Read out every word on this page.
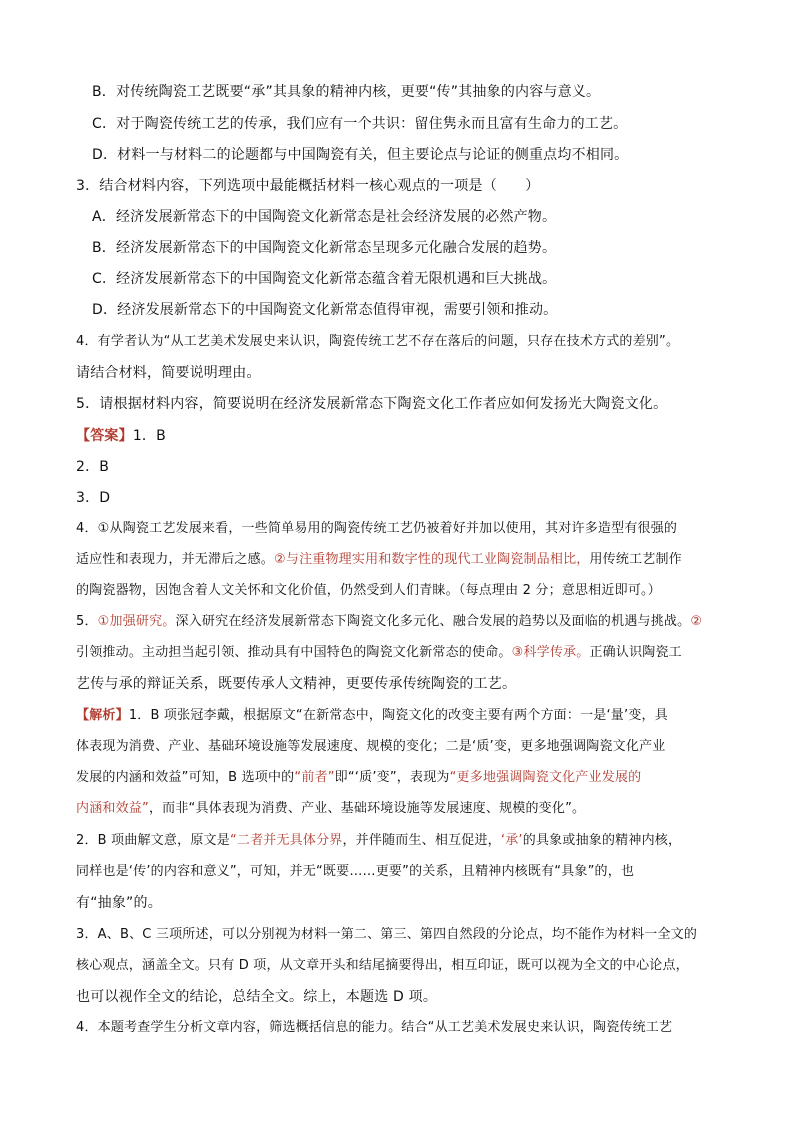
B．对传统陶瓷工艺既要“承”其具象的精神内核，更要“传”其抽象的内容与意义。
C．对于陶瓷传统工艺的传承，我们应有一个共识：留住隽永而且富有生命力的工艺。
D．材料一与材料二的论题都与中国陶瓷有关，但主要论点与论证的侧重点均不相同。
3．结合材料内容，下列选项中最能概括材料一核心观点的一项是（　　）
A．经济发展新常态下的中国陶瓷文化新常态是社会经济发展的必然产物。
B．经济发展新常态下的中国陶瓷文化新常态呈现多元化融合发展的趋势。
C．经济发展新常态下的中国陶瓷文化新常态蕴含着无限机遇和巨大挑战。
D．经济发展新常态下的中国陶瓷文化新常态值得审视，需要引领和推动。
4．有学者认为“从工艺美术发展史来认识，陶瓷传统工艺不存在落后的问题，只存在技术方式的差别”。
请结合材料，简要说明理由。
5．请根据材料内容，简要说明在经济发展新常态下陶瓷文化工作者应如何发扬光大陶瓷文化。
【答案】1．B
2．B
3．D
4．①从陶瓷工艺发展来看，一些简单易用的陶瓷传统工艺仍被着好并加以使用，其对许多造型有很强的
适应性和表现力，并无滞后之感。②与注重物理实用和数字性的现代工业陶瓷制品相比，用传统工艺制作
的陶瓷器物，因饱含着人文关怀和文化价值，仍然受到人们青睐。（每点理由 2 分；意思相近即可。）
5．①加强研究。深入研究在经济发展新常态下陶瓷文化多元化、融合发展的趋势以及面临的机遇与挑战。②
引领推动。主动担当起引领、推动具有中国特色的陶瓷文化新常态的使命。③科学传承。正确认识陶瓷工
艺传与承的辩证关系，既要传承人文精神，更要传承传统陶瓷的工艺。
【解析】1．B 项张冠李戴，根据原文“在新常态中，陶瓷文化的改变主要有两个方面：一是‘量’变，具
体表现为消费、产业、基础环境设施等发展速度、规模的变化；二是‘质’变，更多地强调陶瓷文化产业
发展的内涵和效益”可知，B 选项中的“前者”即“‘质’变”，表现为“更多地强调陶瓷文化产业发展的
内涵和效益”，而非“具体表现为消费、产业、基础环境设施等发展速度、规模的变化”。
2．B 项曲解文意，原文是“二者并无具体分界，并伴随而生、相互促进，‘承’的具象或抽象的精神内核，
同样也是‘传’的内容和意义”，可知，并无“既要……更要”的关系，且精神内核既有“具象”的，也
有“抽象”的。
3．A、B、C 三项所述，可以分别视为材料一第二、第三、第四自然段的分论点，均不能作为材料一全文的
核心观点，涵盖全文。只有 D 项，从文章开头和结尾摘要得出，相互印证，既可以视为全文的中心论点，
也可以视作全文的结论，总结全文。综上，本题选 D 项。
4．本题考查学生分析文章内容，筛选概括信息的能力。结合“从工艺美术发展史来认识，陶瓷传统工艺
